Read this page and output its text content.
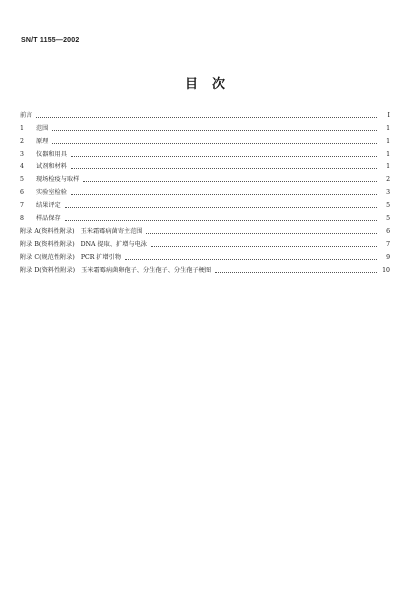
SN/T 1155—2002
目次
前言	I
1 范围	1
2 原理	1
3 仪器和用具	1
4 试剂和材料	1
5 现场检疫与取样	2
6 实验室检验	3
7 结果评定	5
8 样品保存	5
附录 A(资料性附录) 玉米霜霉病菌寄主范围	6
附录 B(资料性附录) DNA 提取、扩增与电泳	7
附录 C(规范性附录) PCR 扩增引物	9
附录 D(资料性附录) 玉米霜霉病菌卵孢子、分生孢子、分生孢子梗图	10
